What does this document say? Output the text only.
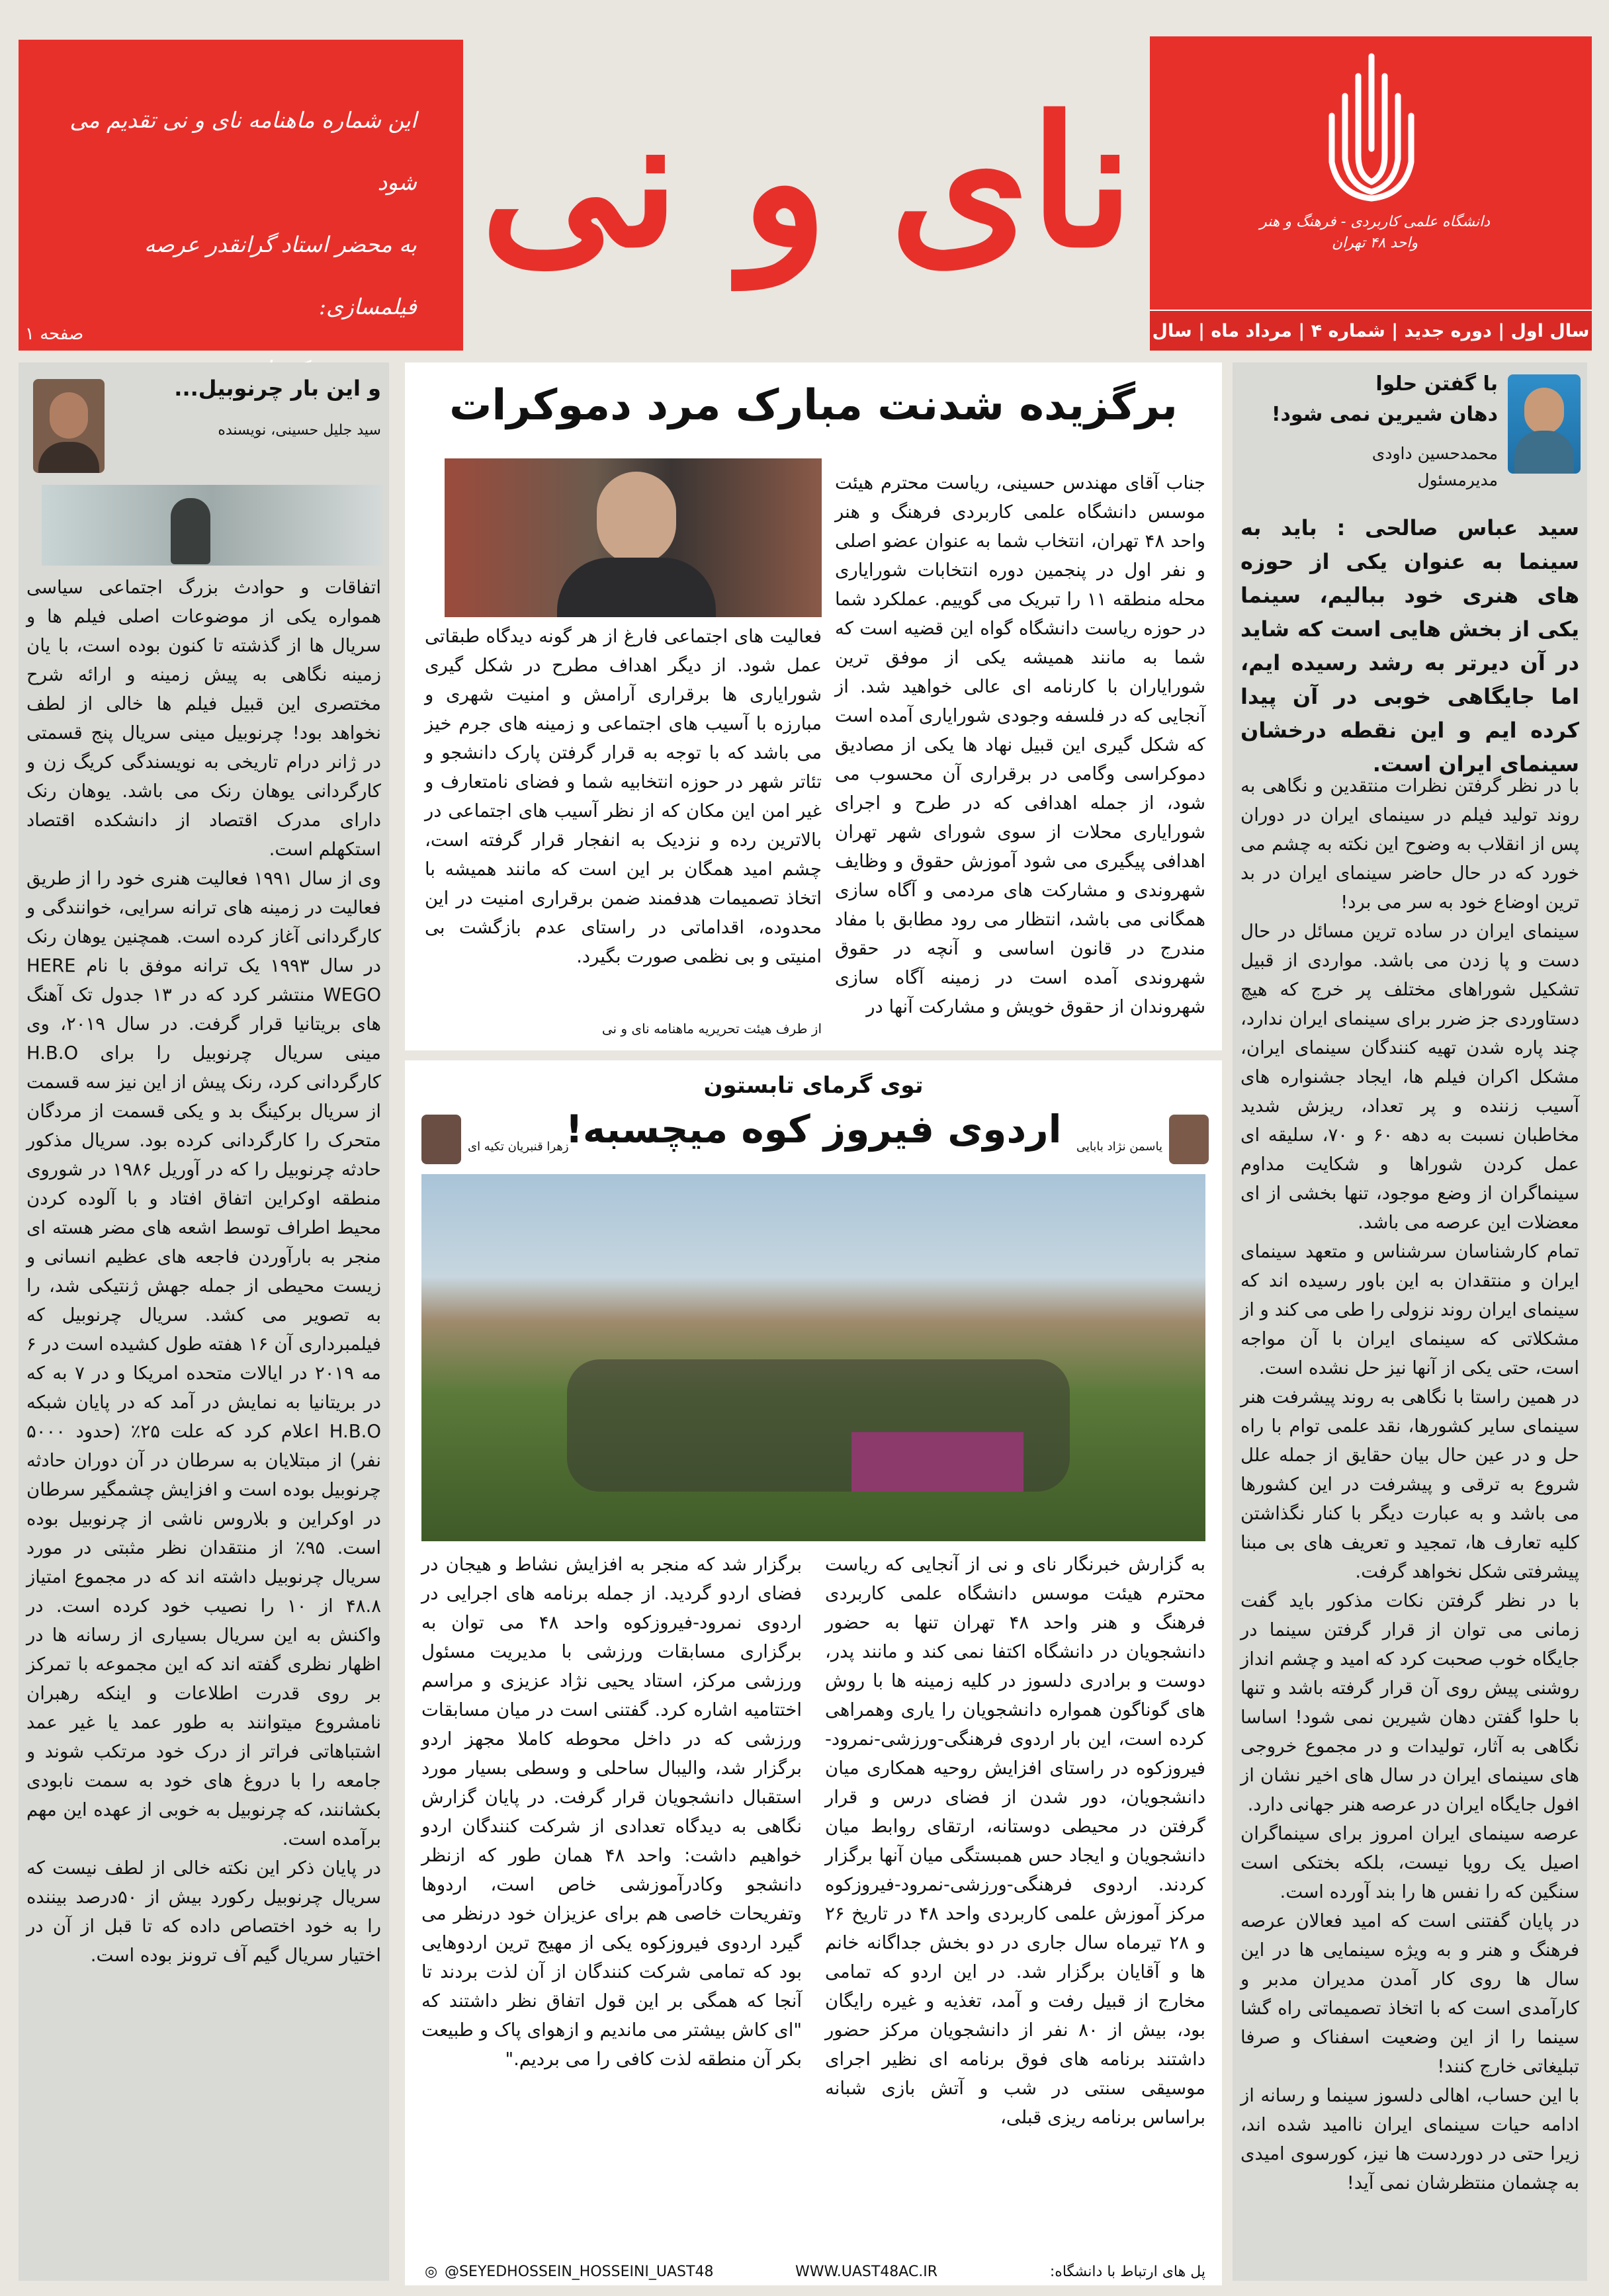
این شماره ماهنامه نای و نی تقدیم می شود
به محضر استاد گرانقدر عرصه فیلمسازی:
صفحه ۱
نای و نی	دانشگاه علمی کاربردی - فرهنگ و هنر
واحد ۴۸ تهران
سال اول | دوره جدید | شماره ۴ | مرداد ماه | سال
با گفتن حلوا
دهان شیرین نمی شود!
محمدحسین داودی
مدیرمسئول
سید عباس صالحی : باید به سینما به عنوان یکی از حوزه های هنری خود ببالیم، سینما یکی از بخش هایی است که شاید در آن دیرتر به رشد رسیده ایم، اما جایگاهی خوبی در آن پیدا کرده ایم و این نقطه درخشان سینمای ایران است.

با در نظر گرفتن نظرات منتقدین و نگاهی به روند تولید فیلم در سینمای ایران در دوران پس از انقلاب به وضوح این نکته به چشم می خورد که در حال حاضر سینمای ایران در بد ترین اوضاع خود به سر می برد!

سینمای ایران در ساده ترین مسائل در حال دست و پا زدن می باشد. مواردی از قبیل تشکیل شوراهای مختلف پر خرج که هیچ دستاوردی جز ضرر برای سینمای ایران ندارد، چند پاره شدن تهیه کنندگان سینمای ایران، مشکل اکران فیلم ها، ایجاد جشنواره های آسیب زننده و پر تعداد، ریزش شدید مخاطبان نسبت به دهه ۶۰ و ۷۰، سلیقه ای عمل کردن شوراها و شکایت مداوم سینماگران از وضع موجود، تنها بخشی از ای معضلات این عرصه می باشد.

تمام کارشناسان سرشناس و متعهد سینمای ایران و منتقدان به این باور رسیده اند که سینمای ایران روند نزولی را طی می کند و از مشکلاتی که سینمای ایران با آن مواجه است، حتی یکی از آنها نیز حل نشده است.

در همین راستا با نگاهی به روند پیشرفت هنر سینمای سایر کشورها، نقد علمی توام با راه حل و در عین حال بیان حقایق از جمله علل شروع به ترقی و پیشرفت در این کشورها می باشد و به عبارت دیگر با کنار نگذاشتن کلیه تعارف ها، تمجید و تعریف های بی مبنا پیشرفتی شکل نخواهد گرفت.

با در نظر گرفتن نکات مذکور باید گفت زمانی می توان از قرار گرفتن سینما در جایگاه خوب صحبت کرد که امید و چشم انداز روشنی پیش روی آن قرار گرفته باشد و تنها با حلوا گفتن دهان شیرین نمی شود! اساسا نگاهی به آثار، تولیدات و در مجموع خروجی های سینمای ایران در سال های اخیر نشان از افول جایگاه ایران در عرصه هنر جهانی دارد.

عرصه سینمای ایران امروز برای سینماگران اصیل یک رویا نیست، بلکه بختکی است سنگین که را نفس ها را بند آورده است.

در پایان گفتنی است که امید فعالان عرصه فرهنگ و هنر و به ویژه سینمایی ها در این سال ها روی کار آمدن مدیران مدبر و کارآمدی است که با اتخاذ تصمیماتی راه گشا سینما را از این وضعیت اسفناک و صرفا تبلیغاتی خارج کنند!

با این حساب، اهالی دلسوز سینما و رسانه از ادامه حیات سینمای ایران ناامید شده اند، زیرا حتی در دوردست ها نیز، کورسوی امیدی به چشمان منتظرشان نمی آید!

برگزیده شدنت مبارک مرد دموکرات

جناب آقای مهندس حسینی، ریاست محترم هیئت موسس دانشگاه علمی کاربردی فرهنگ و هنر واحد ۴۸ تهران، انتخاب شما به عنوان عضو اصلی و نفر اول در پنجمین دوره انتخابات شورایاری محله منطقه ۱۱ را تبریک می گوییم. عملکرد شما در حوزه ریاست دانشگاه گواه این قضیه است که شما به مانند همیشه یکی از موفق ترین شورایاران با کارنامه ای عالی خواهید شد. از آنجایی که در فلسفه وجودی شورایاری آمده است که شکل گیری این قبیل نهاد ها یکی از مصادیق دموکراسی وگامی در برقراری آن محسوب می شود، از جمله اهدافی که در طرح و اجرای شورایاری محلات از سوی شورای شهر تهران اهدافی پیگیری می شود آموزش حقوق و وظایف شهروندی و مشارکت های مردمی و آگاه سازی همگانی می باشد، انتظار می رود مطابق با مفاد مندرج در قانون اساسی و آنچه در حقوق شهروندی آمده است در زمینه آگاه سازی شهروندان از حقوق خویش و مشارکت آنها در

فعالیت های اجتماعی فارغ از هر گونه دیدگاه طبقاتی عمل شود. از دیگر اهداف مطرح در شکل گیری شورایاری ها برقراری آرامش و امنیت شهری و مبارزه با آسیب های اجتماعی و زمینه های جرم خیز می باشد که با توجه به قرار گرفتن پارک دانشجو و تئاتر شهر در حوزه انتخابیه شما و فضای نامتعارف و غیر امن این مکان که از نظر آسیب های اجتماعی در بالاترین رده و نزدیک به انفجار قرار گرفته است، چشم امید همگان بر این است که مانند همیشه با اتخاذ تصمیمات هدفمند ضمن برقراری امنیت در این محدوده، اقداماتی در راستای عدم بازگشت بی امنیتی و بی نظمی صورت بگیرد.

از طرف هیئت تحریریه ماهنامه نای و نی
توی گرمای تابستون
اردوی فیروز کوه میچسبه!	یاسمن نژاد بابایی
زهرا قنبریان تکیه ای

به گزارش خبرنگار نای و نی از آنجایی که ریاست محترم هیئت موسس دانشگاه علمی کاربردی فرهنگ و هنر واحد ۴۸ تهران تنها به حضور دانشجویان در دانشگاه اکتفا نمی کند و مانند پدر، دوست و برادری دلسوز در کلیه زمینه ها با روش های گوناگون همواره دانشجویان را یاری وهمراهی کرده است، این بار اردوی فرهنگی-ورزشی-نمرود-فیروزکوه در راستای افزایش روحیه همکاری میان دانشجویان، دور شدن از فضای درس و قرار گرفتن در محیطی دوستانه، ارتقای روابط میان دانشجویان و ایجاد حس همبستگی میان آنها برگزار کردند. اردوی فرهنگی-ورزشی-نمرود-فیروزکوه مرکز آموزش علمی کاربردی واحد ۴۸ در تاریخ ۲۶ و ۲۸ تیرماه سال جاری در دو بخش جداگانه خانم ها و آقایان برگزار شد. در این اردو که تمامی مخارج از قبیل رفت و آمد، تغذیه و غیره رایگان بود، بیش از ۸۰ نفر از دانشجویان مرکز حضور داشتند برنامه های فوق برنامه ای نظیر اجرای موسیقی سنتی در شب و آتش بازی شبانه براساس برنامه ریزی قبلی،

برگزار شد که منجر به افزایش نشاط و هیجان در فضای اردو گردید. از جمله برنامه های اجرایی در اردوی نمرود-فیروزکوه واحد ۴۸ می توان به برگزاری مسابقات ورزشی با مدیریت مسئول ورزشی مرکز، استاد یحیی نژاد عزیزی و مراسم اختتامیه اشاره کرد. گفتنی است در میان مسابقات ورزشی که در داخل محوطه کاملا مجهز اردو برگزار شد، والیبال ساحلی و وسطی بسیار مورد استقبال دانشجویان قرار گرفت. در پایان گزارش نگاهی به دیدگاه تعدادی از شرکت کنندگان اردو خواهیم داشت: واحد ۴۸ همان طور که ازنظر دانشجو وکادرآموزشی خاص است، اردوها وتفریحات خاصی هم برای عزیزان خود درنظر می گیرد اردوی فیروزکوه یکی از مهیج ترین اردوهایی بود که تمامی شرکت کنندگان از آن لذت بردند تا آنجا که همگی بر این قول اتفاق نظر داشتند که "ای کاش بیشتر می ماندیم و ازهوای پاک و طبیعت بکر آن منطقه لذت کافی را می بردیم."

و این بار چرنوبیل...
سید جلیل حسینی، نویسنده

اتفاقات و حوادث بزرگ اجتماعی سیاسی همواره یکی از موضوعات اصلی فیلم ها و سریال ها از گذشته تا کنون بوده است، با یان زمینه نگاهی به پیش زمینه و ارائه شرح مختصری این قبیل فیلم ها خالی از لطف نخواهد بود! چرنوبیل مینی سریال پنج قسمتی در ژانر درام تاریخی به نویسندگی کریگ زن و کارگردانی یوهان رنک می باشد. یوهان رنک دارای مدرک اقتصاد از دانشکده اقتصاد استکهلم است.

وی از سال ۱۹۹۱ فعالیت هنری خود را از طریق فعالیت در زمینه های ترانه سرایی، خوانندگی و کارگردانی آغاز کرده است. همچنین یوهان رنک در سال ۱۹۹۳ یک ترانه موفق با نام HERE WEGO منتشر کرد که در ۱۳ جدول تک آهنگ های بریتانیا قرار گرفت. در سال ۲۰۱۹، وی مینی سریال چرنوبیل را برای H.B.O کارگردانی کرد، رنک پیش از این نیز سه قسمت از سریال برکینگ بد و یکی قسمت از مردگان متحرک را کارگردانی کرده بود. سریال مذکور حادثه چرنوبیل را که در آوریل ۱۹۸۶ در شوروی منطقه اوکراین اتفاق افتاد و با آلوده کردن محیط اطراف توسط اشعه های مضر هسته ای منجر به بارآوردن فاجعه های عظیم انسانی و زیست محیطی از جمله جهش ژنتیکی شد، را به تصویر می کشد. سریال چرنوبیل که فیلمبرداری آن ۱۶ هفته طول کشیده است در ۶ مه ۲۰۱۹ در ایالات متحده امریکا و در ۷ به که در بریتانیا به نمایش در آمد که در پایان شبکه H.B.O اعلام کرد که علت ۲۵٪ (حدود ۵۰۰۰ نفر) از مبتلایان به سرطان در آن دوران حادثه چرنوبیل بوده است و افزایش چشمگیر سرطان در اوکراین و بلاروس ناشی از چرنوبیل بوده است. ۹۵٪ از منتقدان نظر مثبتی در مورد سریال چرنوبیل داشته اند که در مجموع امتیاز ۴۸.۸ از ۱۰ را نصیب خود کرده است. در واکنش به این سریال بسیاری از رسانه ها در اظهار نظری گفته اند که این مجموعه با تمرکز بر روی قدرت اطلاعات و اینکه رهبران نامشروع میتوانند به طور عمد یا غیر عمد اشتباهاتی فراتر از درک خود مرتکب شوند و جامعه را با دروغ های خود به سمت نابودی بکشانند، که چرنوبیل به خوبی از عهده این مهم برآمده است.

در پایان ذکر این نکته خالی از لطف نیست که سریال چرنوبیل رکورد بیش از ۵۰درصد بیننده را به خود اختصاص داده که تا قبل از آن در اختیار سریال گیم آف ترونز بوده است.

◎ @SEYEDHOSSEIN_HOSSEINI_UAST48	WWW.UAST48AC.IR	پل های ارتباط با دانشگاه:
